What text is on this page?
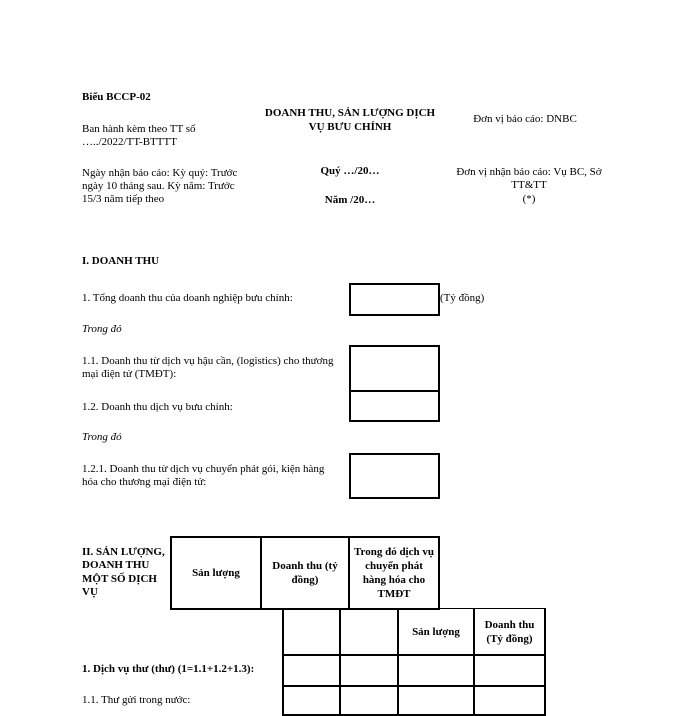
Biểu BCCP-02
Ban hành kèm theo TT số
…../2022/TT-BTTTT
DOANH THU, SẢN LƯỢNG DỊCH
VỤ BƯU CHÍNH
Đơn vị báo cáo: DNBC
Ngày nhận báo cáo: Kỳ quý: Trước
ngày 10 tháng sau. Kỳ năm: Trước
15/3 năm tiếp theo
Quý …/20…
Năm /20…
Đơn vị nhận báo cáo: Vụ BC, Sở
TT&TT
(*)
I. DOANH THU
1. Tổng doanh thu của doanh nghiệp bưu chính:	(Tỷ đồng)
Trong đó
1.1. Doanh thu từ dịch vụ hậu cần, (logistics) cho thương
mại điện tử (TMĐT):
1.2. Doanh thu dịch vụ bưu chính:
Trong đó
1.2.1. Doanh thu từ dịch vụ chuyển phát gói, kiện hàng
hóa cho thương mại điện tử:
II. SẢN LƯỢNG,
DOANH THU
MỘT SỐ DỊCH
VỤ
Sản lượng
Doanh thu (tỷ đồng)
Trong đó dịch vụ chuyển phát hàng hóa cho TMĐT
Sản lượng
Doanh thu (Tỷ đồng)
1. Dịch vụ thư (thư) (1=1.1+1.2+1.3):
1.1. Thư gửi trong nước:
